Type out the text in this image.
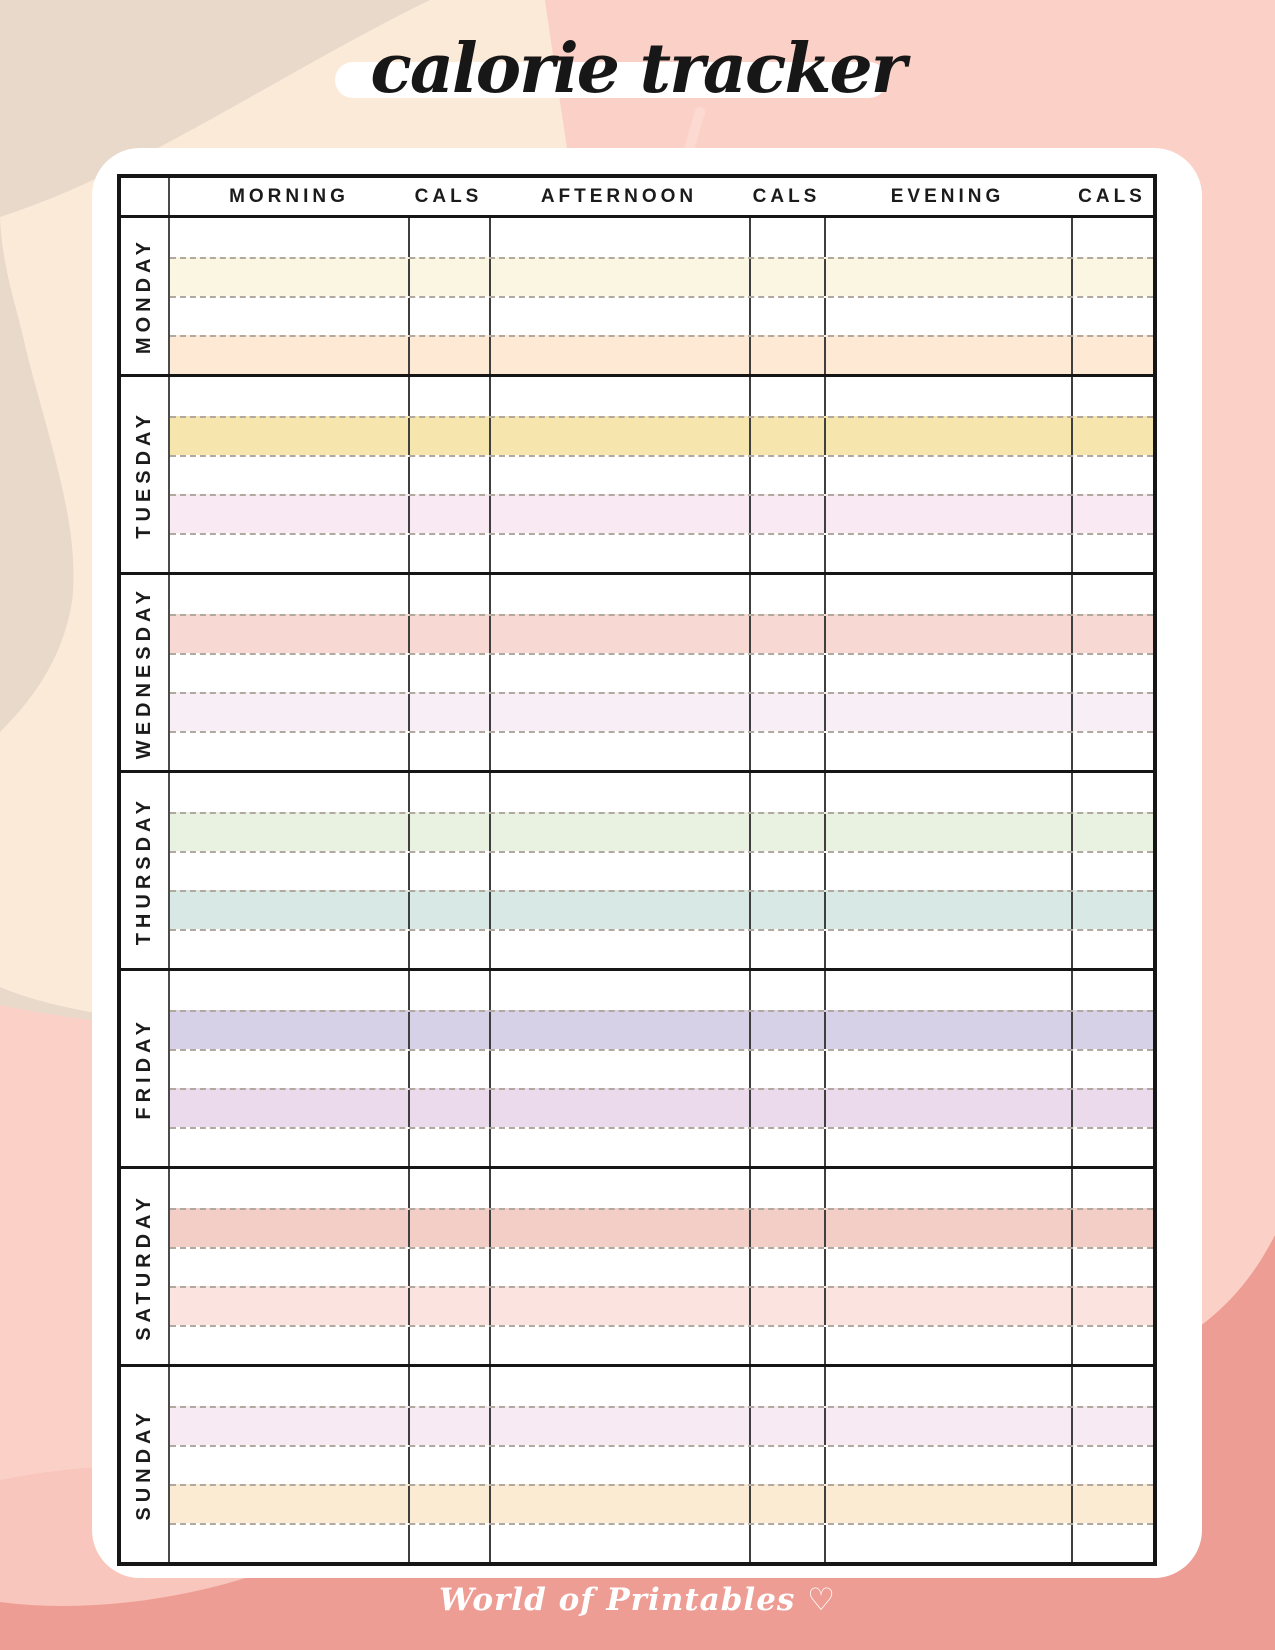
calorie tracker
MORNING	CALS	AFTERNOON	CALS	EVENING	CALS
MONDAY
TUESDAY
WEDNESDAY
THURSDAY
FRIDAY
SATURDAY
SUNDAY
World of Printables ♡
